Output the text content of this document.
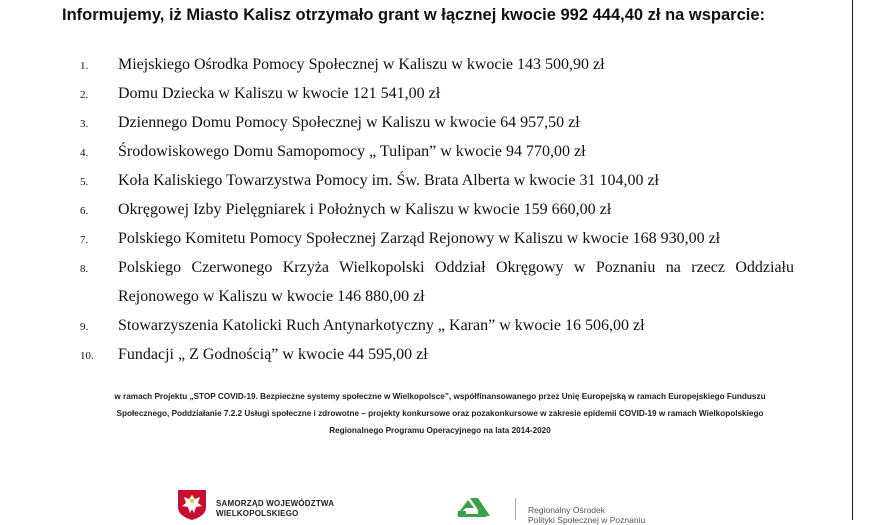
Informujemy, iż Miasto Kalisz otrzymało grant w łącznej kwocie 992 444,40 zł na wsparcie:
1.	Miejskiego Ośrodka Pomocy Społecznej w Kaliszu w kwocie 143 500,90 zł
2.	Domu Dziecka w Kaliszu w kwocie 121 541,00 zł
3.	Dziennego Domu Pomocy Społecznej w Kaliszu w kwocie 64 957,50 zł
4.	Środowiskowego Domu Samopomocy „ Tulipan” w kwocie 94 770,00 zł
5.	Koła Kaliskiego Towarzystwa Pomocy im. Św. Brata Alberta w kwocie 31 104,00 zł
6.	Okręgowej Izby Pielęgniarek i Położnych w Kaliszu w kwocie 159 660,00 zł
7.	Polskiego Komitetu Pomocy Społecznej Zarząd Rejonowy w Kaliszu w kwocie 168 930,00 zł
8.	Polskiego Czerwonego Krzyża Wielkopolski Oddział Okręgowy w Poznaniu na rzecz Oddziału Rejonowego w Kaliszu w kwocie 146 880,00 zł
9.	Stowarzyszenia Katolicki Ruch Antynarkotyczny „ Karan” w kwocie 16 506,00 zł
10.	Fundacji „ Z Godnością” w kwocie 44 595,00 zł
w ramach Projektu „STOP COVID-19. Bezpieczne systemy społeczne w Wielkopolsce”, współfinansowanego przez Unię Europejską w ramach Europejskiego Funduszu
Społecznego, Poddziałanie 7.2.2 Usługi społeczne i zdrowotne – projekty konkursowe oraz pozakonkursowe w zakresie epidemii COVID-19 w ramach Wielkopolskiego
Regionalnego Programu Operacyjnego na lata 2014-2020
SAMORZĄD WOJEWÓDZTWA
WIELKOPOLSKIEGO	Regionalny Ośrodek
Polityki Społecznej w Poznaniu
